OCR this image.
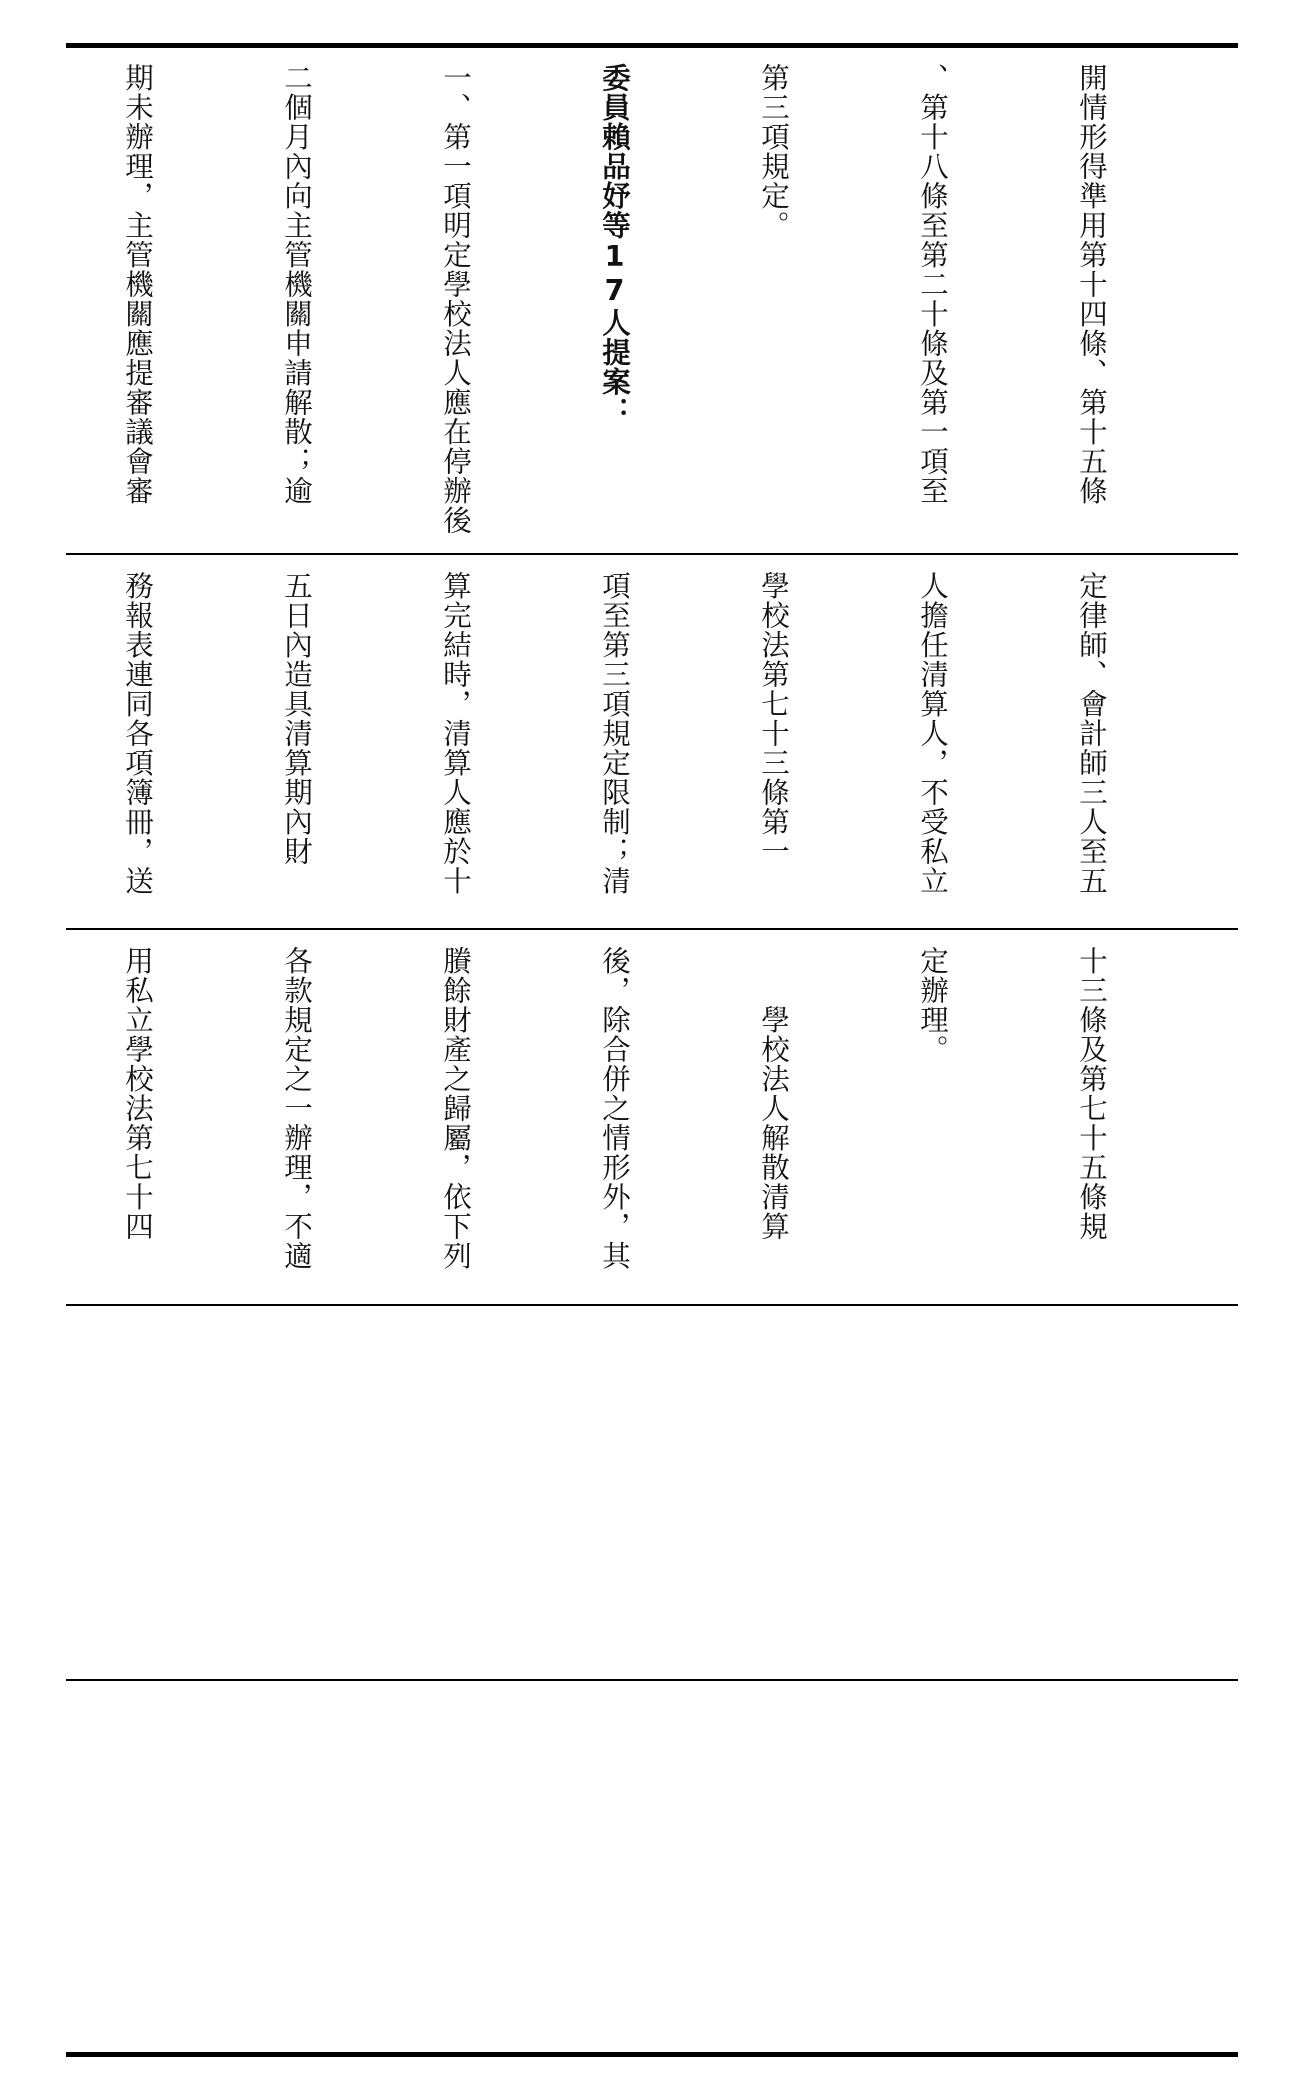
開情形得準用第十四條、第十五條

、第十八條至第二十條及第一項至

第三項規定。

委員賴品妤等17人提案：

一、第一項明定學校法人應在停辦後

二個月內向主管機關申請解散；逾

期未辦理，主管機關應提審議會審

定律師、會計師三人至五

人擔任清算人，不受私立

學校法第七十三條第一

項至第三項規定限制；清

算完結時，清算人應於十

五日內造具清算期內財

務報表連同各項簿冊，送

十三條及第七十五條規

定辦理。

　　學校法人解散清算

後，除合併之情形外，其

賸餘財產之歸屬，依下列

各款規定之一辦理，不適

用私立學校法第七十四
